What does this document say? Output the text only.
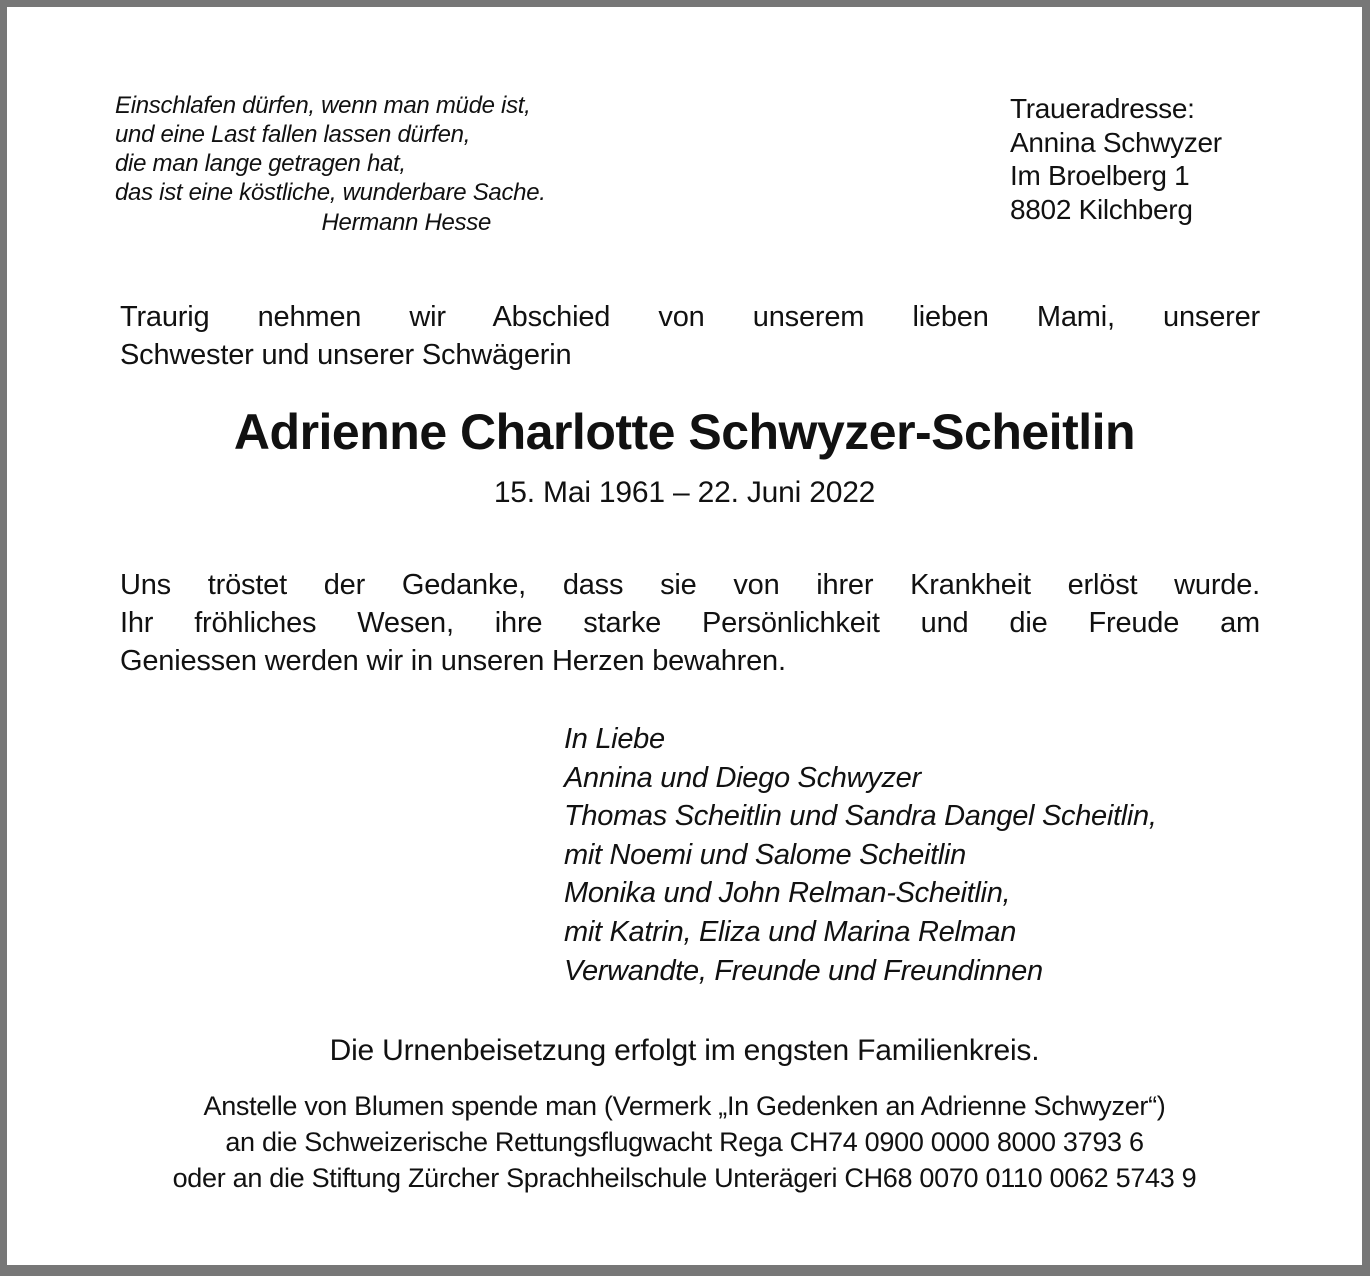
Einschlafen dürfen, wenn man müde ist,
und eine Last fallen lassen dürfen,
die man lange getragen hat,
das ist eine köstliche, wunderbare Sache.
Hermann Hesse
Traueradresse:
Annina Schwyzer
Im Broelberg 1
8802 Kilchberg
Traurig nehmen wir Abschied von unserem lieben Mami, unserer
Schwester und unserer Schwägerin
Adrienne Charlotte Schwyzer-Scheitlin
15. Mai 1961 – 22. Juni 2022
Uns tröstet der Gedanke, dass sie von ihrer Krankheit erlöst wurde.
Ihr fröhliches Wesen, ihre starke Persönlichkeit und die Freude am
Geniessen werden wir in unseren Herzen bewahren.
In Liebe
Annina und Diego Schwyzer
Thomas Scheitlin und Sandra Dangel Scheitlin,
mit Noemi und Salome Scheitlin
Monika und John Relman-Scheitlin,
mit Katrin, Eliza und Marina Relman
Verwandte, Freunde und Freundinnen
Die Urnenbeisetzung erfolgt im engsten Familienkreis.
Anstelle von Blumen spende man (Vermerk „In Gedenken an Adrienne Schwyzer“)
an die Schweizerische Rettungsflugwacht Rega CH74 0900 0000 8000 3793 6
oder an die Stiftung Zürcher Sprachheilschule Unterägeri CH68 0070 0110 0062 5743 9
